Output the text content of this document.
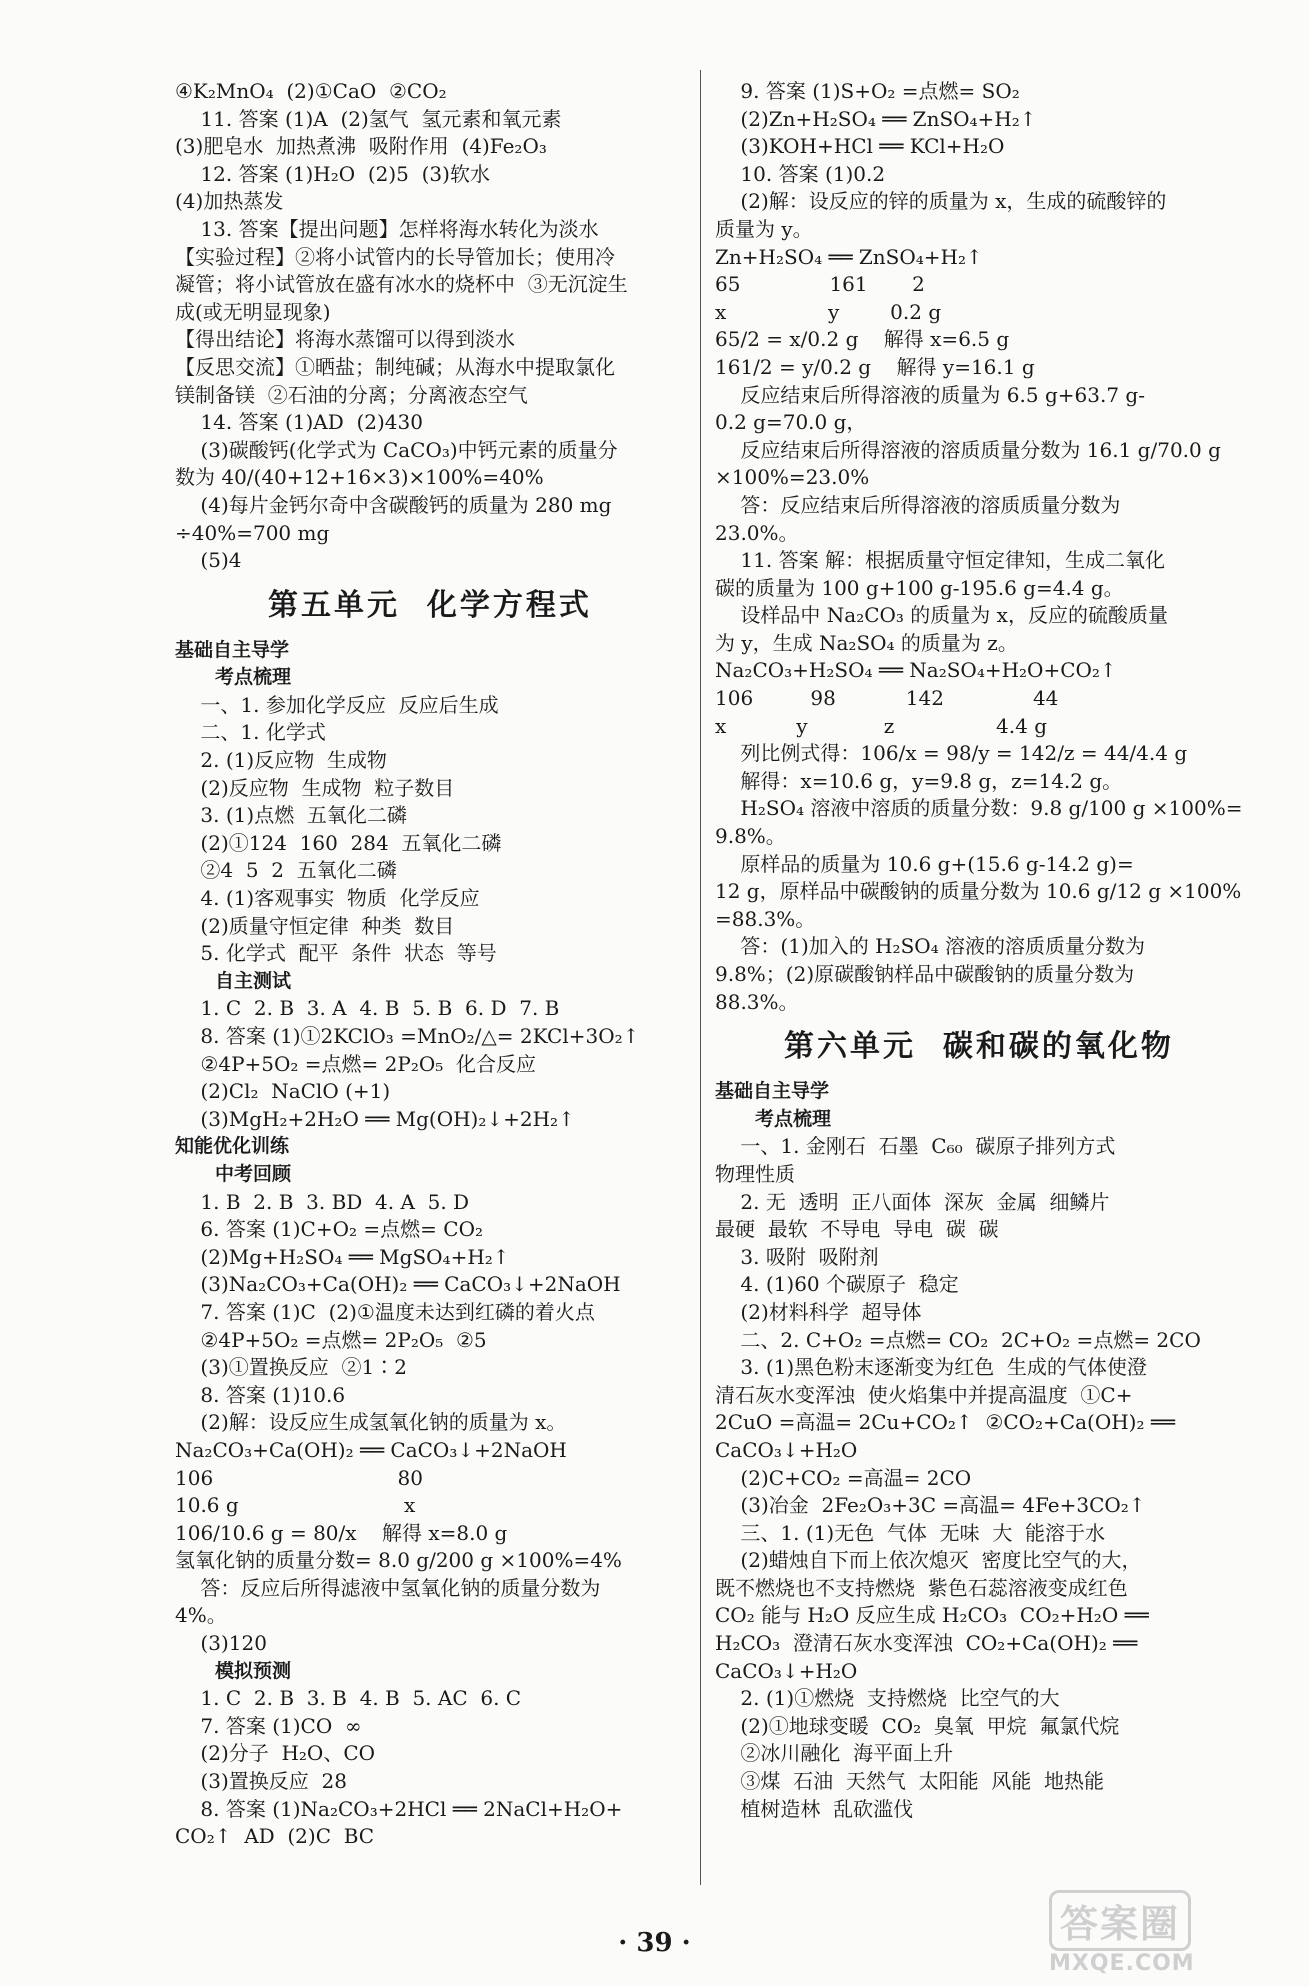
④K₂MnO₄  (2)①CaO  ②CO₂
11. 答案 (1)A  (2)氢气  氢元素和氧元素
(3)肥皂水  加热煮沸  吸附作用  (4)Fe₂O₃
12. 答案 (1)H₂O  (2)5  (3)软水
(4)加热蒸发
13. 答案【提出问题】怎样将海水转化为淡水
【实验过程】②将小试管内的长导管加长；使用冷
凝管；将小试管放在盛有冰水的烧杯中  ③无沉淀生
成(或无明显现象)
【得出结论】将海水蒸馏可以得到淡水
【反思交流】①晒盐；制纯碱；从海水中提取氯化
镁制备镁  ②石油的分离；分离液态空气
14. 答案 (1)AD  (2)430
(3)碳酸钙(化学式为 CaCO₃)中钙元素的质量分
数为 40/(40+12+16×3)×100%=40%
(4)每片金钙尔奇中含碳酸钙的质量为 280 mg
÷40%=700 mg
(5)4
第五单元  化学方程式
基础自主导学
考点梳理
一、1. 参加化学反应  反应后生成
二、1. 化学式
2. (1)反应物  生成物
(2)反应物  生成物  粒子数目
3. (1)点燃  五氧化二磷
(2)①124  160  284  五氧化二磷
②4  5  2  五氧化二磷
4. (1)客观事实  物质  化学反应
(2)质量守恒定律  种类  数目
5. 化学式  配平  条件  状态  等号
自主测试
1. C  2. B  3. A  4. B  5. B  6. D  7. B
8. 答案 (1)①2KClO₃ =MnO₂/△= 2KCl+3O₂↑
②4P+5O₂ =点燃= 2P₂O₅  化合反应
(2)Cl₂  NaClO (+1)
(3)MgH₂+2H₂O ══ Mg(OH)₂↓+2H₂↑
知能优化训练
中考回顾
1. B  2. B  3. BD  4. A  5. D
6. 答案 (1)C+O₂ =点燃= CO₂
(2)Mg+H₂SO₄ ══ MgSO₄+H₂↑
(3)Na₂CO₃+Ca(OH)₂ ══ CaCO₃↓+2NaOH
7. 答案 (1)C  (2)①温度未达到红磷的着火点
②4P+5O₂ =点燃= 2P₂O₅  ②5
(3)①置换反应  ②1∶2
8. 答案 (1)10.6
(2)解：设反应生成氢氧化钠的质量为 x。
Na₂CO₃+Ca(OH)₂ ══ CaCO₃↓+2NaOH
106                             80
10.6 g                          x
106/10.6 g = 80/x    解得 x=8.0 g
氢氧化钠的质量分数= 8.0 g/200 g ×100%=4%
答：反应后所得滤液中氢氧化钠的质量分数为
4%。
(3)120
模拟预测
1. C  2. B  3. B  4. B  5. AC  6. C
7. 答案 (1)CO  ∞
(2)分子  H₂O、CO
(3)置换反应  28
8. 答案 (1)Na₂CO₃+2HCl ══ 2NaCl+H₂O+
CO₂↑  AD  (2)C  BC
9. 答案 (1)S+O₂ =点燃= SO₂
(2)Zn+H₂SO₄ ══ ZnSO₄+H₂↑
(3)KOH+HCl ══ KCl+H₂O
10. 答案 (1)0.2
(2)解：设反应的锌的质量为 x，生成的硫酸锌的
质量为 y。
Zn+H₂SO₄ ══ ZnSO₄+H₂↑
65              161       2
x                y        0.2 g
65/2 = x/0.2 g    解得 x=6.5 g
161/2 = y/0.2 g    解得 y=16.1 g
反应结束后所得溶液的质量为 6.5 g+63.7 g-
0.2 g=70.0 g，
反应结束后所得溶液的溶质质量分数为 16.1 g/70.0 g
×100%=23.0%
答：反应结束后所得溶液的溶质质量分数为
23.0%。
11. 答案 解：根据质量守恒定律知，生成二氧化
碳的质量为 100 g+100 g-195.6 g=4.4 g。
设样品中 Na₂CO₃ 的质量为 x，反应的硫酸质量
为 y，生成 Na₂SO₄ 的质量为 z。
Na₂CO₃+H₂SO₄ ══ Na₂SO₄+H₂O+CO₂↑
106         98           142              44
x           y            z                4.4 g
列比例式得：106/x = 98/y = 142/z = 44/4.4 g
解得：x=10.6 g，y=9.8 g，z=14.2 g。
H₂SO₄ 溶液中溶质的质量分数：9.8 g/100 g ×100%=
9.8%。
原样品的质量为 10.6 g+(15.6 g-14.2 g)=
12 g，原样品中碳酸钠的质量分数为 10.6 g/12 g ×100%
=88.3%。
答：(1)加入的 H₂SO₄ 溶液的溶质质量分数为
9.8%；(2)原碳酸钠样品中碳酸钠的质量分数为
88.3%。
第六单元  碳和碳的氧化物
基础自主导学
考点梳理
一、1. 金刚石  石墨  C₆₀  碳原子排列方式
物理性质
2. 无  透明  正八面体  深灰  金属  细鳞片
最硬  最软  不导电  导电  碳  碳
3. 吸附  吸附剂
4. (1)60 个碳原子  稳定
(2)材料科学  超导体
二、2. C+O₂ =点燃= CO₂  2C+O₂ =点燃= 2CO
3. (1)黑色粉末逐渐变为红色  生成的气体使澄
清石灰水变浑浊  使火焰集中并提高温度  ①C+
2CuO =高温= 2Cu+CO₂↑  ②CO₂+Ca(OH)₂ ══
CaCO₃↓+H₂O
(2)C+CO₂ =高温= 2CO
(3)冶金  2Fe₂O₃+3C =高温= 4Fe+3CO₂↑
三、1. (1)无色  气体  无味  大  能溶于水
(2)蜡烛自下而上依次熄灭  密度比空气的大，
既不燃烧也不支持燃烧  紫色石蕊溶液变成红色
CO₂ 能与 H₂O 反应生成 H₂CO₃  CO₂+H₂O ══
H₂CO₃  澄清石灰水变浑浊  CO₂+Ca(OH)₂ ══
CaCO₃↓+H₂O
2. (1)①燃烧  支持燃烧  比空气的大
(2)①地球变暖  CO₂  臭氧  甲烷  氟氯代烷
②冰川融化  海平面上升
③煤  石油  天然气  太阳能  风能  地热能
植树造林  乱砍滥伐
· 39 ·	答案圈
MXQE.COM
